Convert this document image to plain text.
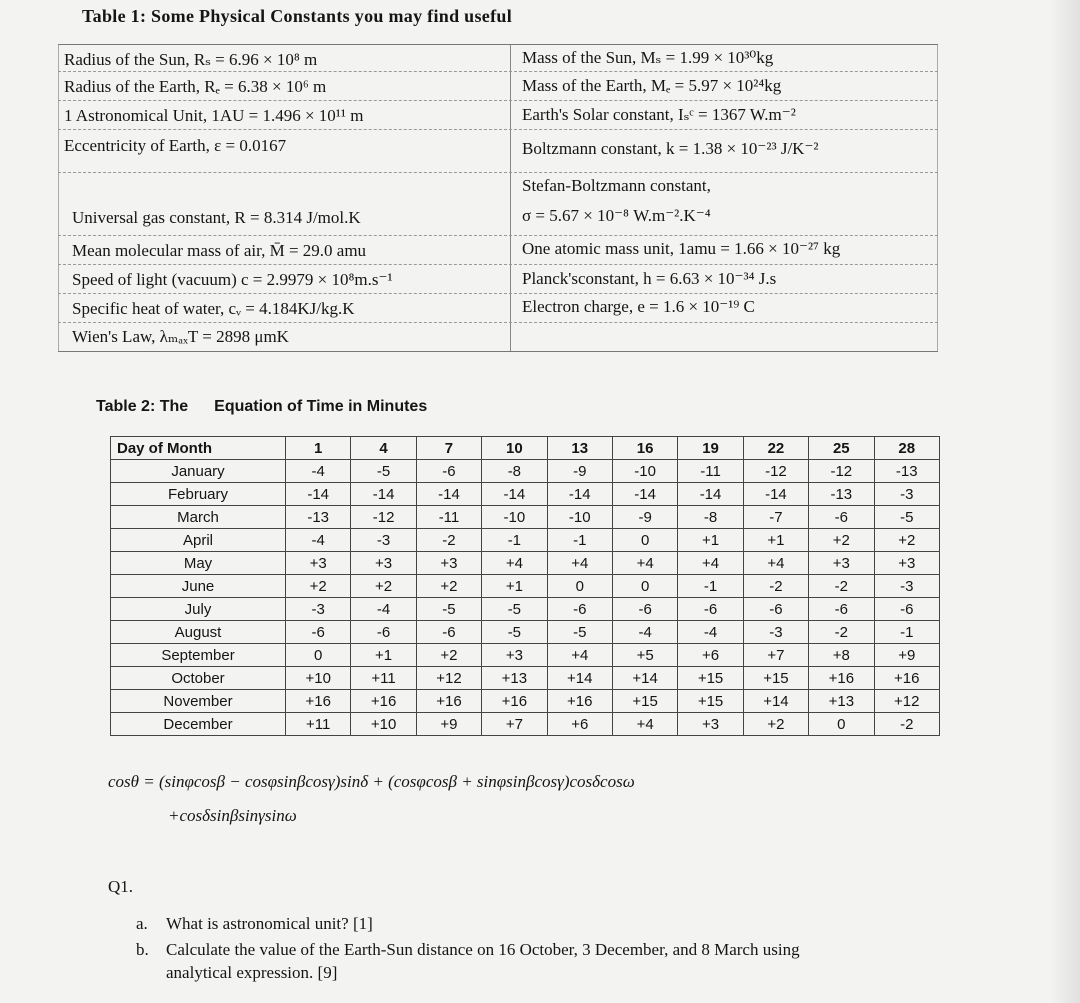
Table 1: Some Physical Constants you may find useful
Radius of the Sun, Rₛ = 6.96 × 10⁸ m	Mass of the Sun, Mₛ = 1.99 × 10³⁰kg
Radius of the Earth, Rₑ = 6.38 × 10⁶ m	Mass of the Earth, Mₑ = 5.97 × 10²⁴kg
1 Astronomical Unit, 1AU = 1.496 × 10¹¹ m	Earth's Solar constant, Iₛᶜ = 1367 W.m⁻²
Eccentricity of Earth, ε = 0.0167	Boltzmann constant, k = 1.38 × 10⁻²³ J/K⁻²
Stefan-Boltzmann constant,
Universal gas constant, R = 8.314 J/mol.K	σ = 5.67 × 10⁻⁸ W.m⁻².K⁻⁴
Mean molecular mass of air, M̄ = 29.0 amu	One atomic mass unit, 1amu = 1.66 × 10⁻²⁷ kg
Speed of light (vacuum) c = 2.9979 × 10⁸m.s⁻¹	Planck'sconstant, h = 6.63 × 10⁻³⁴ J.s
Specific heat of water, cᵥ = 4.184KJ/kg.K	Electron charge, e = 1.6 × 10⁻¹⁹ C
Wien's Law, λₘₐₓT = 2898 μmK
Table 2: The Equation of Time in Minutes
Day of Month	1	4	7	10	13	16	19	22	25	28
January	-4	-5	-6	-8	-9	-10	-11	-12	-12	-13
February	-14	-14	-14	-14	-14	-14	-14	-14	-13	-3
March	-13	-12	-11	-10	-10	-9	-8	-7	-6	-5
April	-4	-3	-2	-1	-1	0	+1	+1	+2	+2
May	+3	+3	+3	+4	+4	+4	+4	+4	+3	+3
June	+2	+2	+2	+1	0	0	-1	-2	-2	-3
July	-3	-4	-5	-5	-6	-6	-6	-6	-6	-6
August	-6	-6	-6	-5	-5	-4	-4	-3	-2	-1
September	0	+1	+2	+3	+4	+5	+6	+7	+8	+9
October	+10	+11	+12	+13	+14	+14	+15	+15	+16	+16
November	+16	+16	+16	+16	+16	+15	+15	+14	+13	+12
December	+11	+10	+9	+7	+6	+4	+3	+2	0	-2
cosθ = (sinφcosβ − cosφsinβcosγ)sinδ + (cosφcosβ + sinφsinβcosγ)cosδcosω
+cosδsinβsinγsinω
Q1.
a. What is astronomical unit? [1]
b. Calculate the value of the Earth-Sun distance on 16 October, 3 December, and 8 March using
analytical expression. [9]
